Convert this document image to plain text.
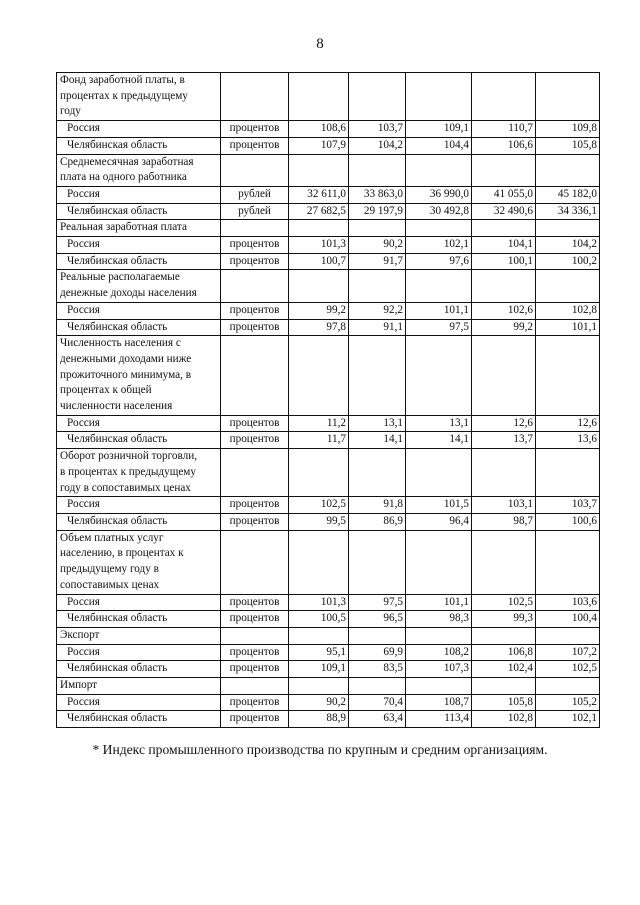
8
Фонд заработной платы, в
процентах к предыдущему
году						

Россия	процентов	108,6	103,7	109,1	110,7	109,8
Челябинская область	процентов	107,9	104,2	104,4	106,6	105,8

Среднемесячная заработная
плата на одного работника						

Россия	рублей	32 611,0	33 863,0	36 990,0	41 055,0	45 182,0
Челябинская область	рублей	27 682,5	29 197,9	30 492,8	32 490,6	34 336,1

Реальная заработная плата						

Россия	процентов	101,3	90,2	102,1	104,1	104,2
Челябинская область	процентов	100,7	91,7	97,6	100,1	100,2

Реальные располагаемые
денежные доходы населения						

Россия	процентов	99,2	92,2	101,1	102,6	102,8
Челябинская область	процентов	97,8	91,1	97,5	99,2	101,1

Численность населения с
денежными доходами ниже
прожиточного минимума, в
процентах к общей
численности населения						

Россия	процентов	11,2	13,1	13,1	12,6	12,6
Челябинская область	процентов	11,7	14,1	14,1	13,7	13,6

Оборот розничной торговли,
в процентах к предыдущему
году в сопоставимых ценах						

Россия	процентов	102,5	91,8	101,5	103,1	103,7
Челябинская область	процентов	99,5	86,9	96,4	98,7	100,6

Объем платных услуг
населению, в процентах к
предыдущему году в
сопоставимых ценах						

Россия	процентов	101,3	97,5	101,1	102,5	103,6
Челябинская область	процентов	100,5	96,5	98,3	99,3	100,4

Экспорт						

Россия	процентов	95,1	69,9	108,2	106,8	107,2
Челябинская область	процентов	109,1	83,5	107,3	102,4	102,5

Импорт						

Россия	процентов	90,2	70,4	108,7	105,8	105,2
Челябинская область	процентов	88,9	63,4	113,4	102,8	102,1
* Индекс промышленного производства по крупным и средним организациям.
